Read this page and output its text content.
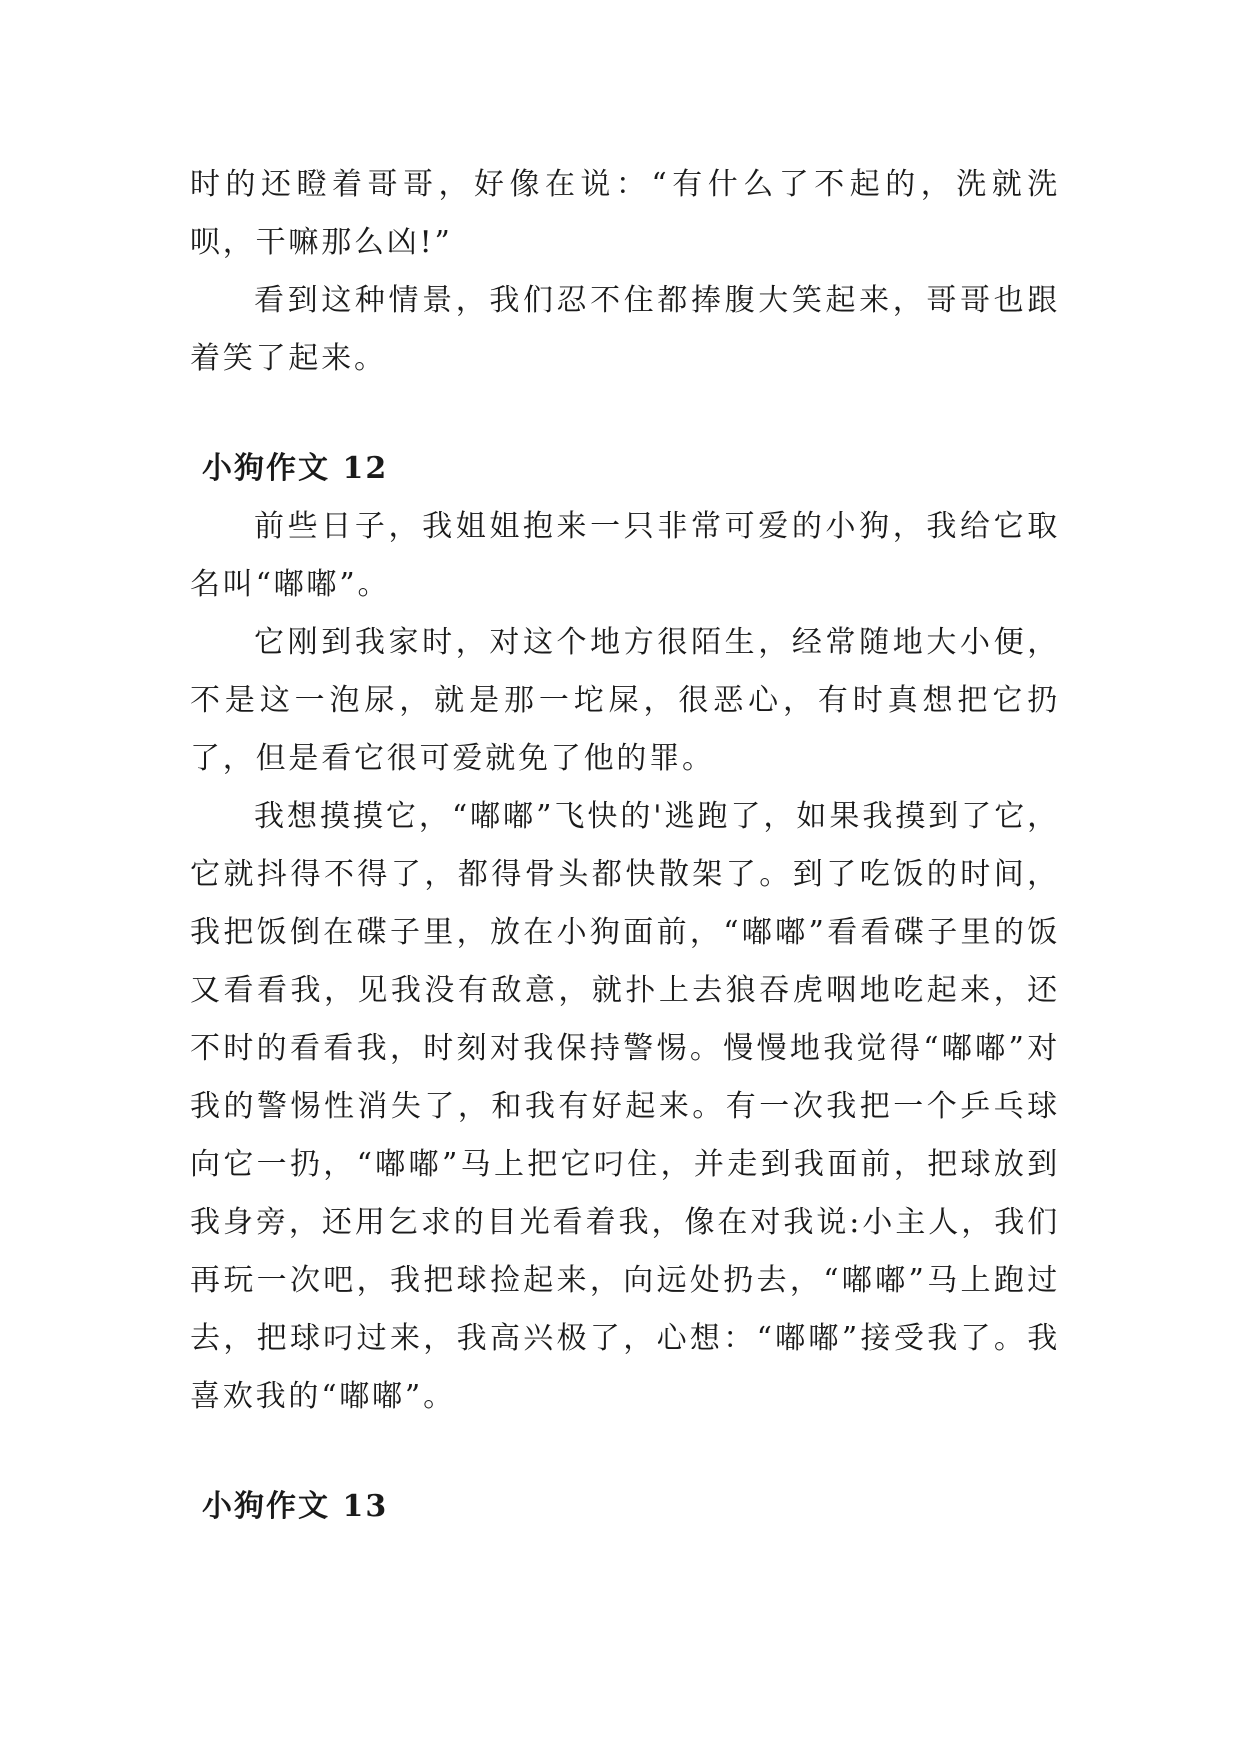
时的还瞪着哥哥，好像在说：“有什么了不起的，洗就洗呗，干嘛那么凶!”

看到这种情景，我们忍不住都捧腹大笑起来，哥哥也跟着笑了起来。

小狗作文 12

前些日子，我姐姐抱来一只非常可爱的小狗，我给它取名叫“嘟嘟”。

它刚到我家时，对这个地方很陌生，经常随地大小便，不是这一泡尿，就是那一坨屎，很恶心，有时真想把它扔了，但是看它很可爱就免了他的罪。

我想摸摸它，“嘟嘟”飞快的'逃跑了，如果我摸到了它，它就抖得不得了，都得骨头都快散架了。到了吃饭的时间，我把饭倒在碟子里，放在小狗面前，“嘟嘟”看看碟子里的饭又看看我，见我没有敌意，就扑上去狼吞虎咽地吃起来，还不时的看看我，时刻对我保持警惕。慢慢地我觉得“嘟嘟”对我的警惕性消失了，和我有好起来。有一次我把一个乒乓球向它一扔，“嘟嘟”马上把它叼住，并走到我面前，把球放到我身旁，还用乞求的目光看着我，像在对我说:小主人，我们再玩一次吧，我把球捡起来，向远处扔去，“嘟嘟”马上跑过去，把球叼过来，我高兴极了，心想：“嘟嘟”接受我了。我喜欢我的“嘟嘟”。

小狗作文 13
